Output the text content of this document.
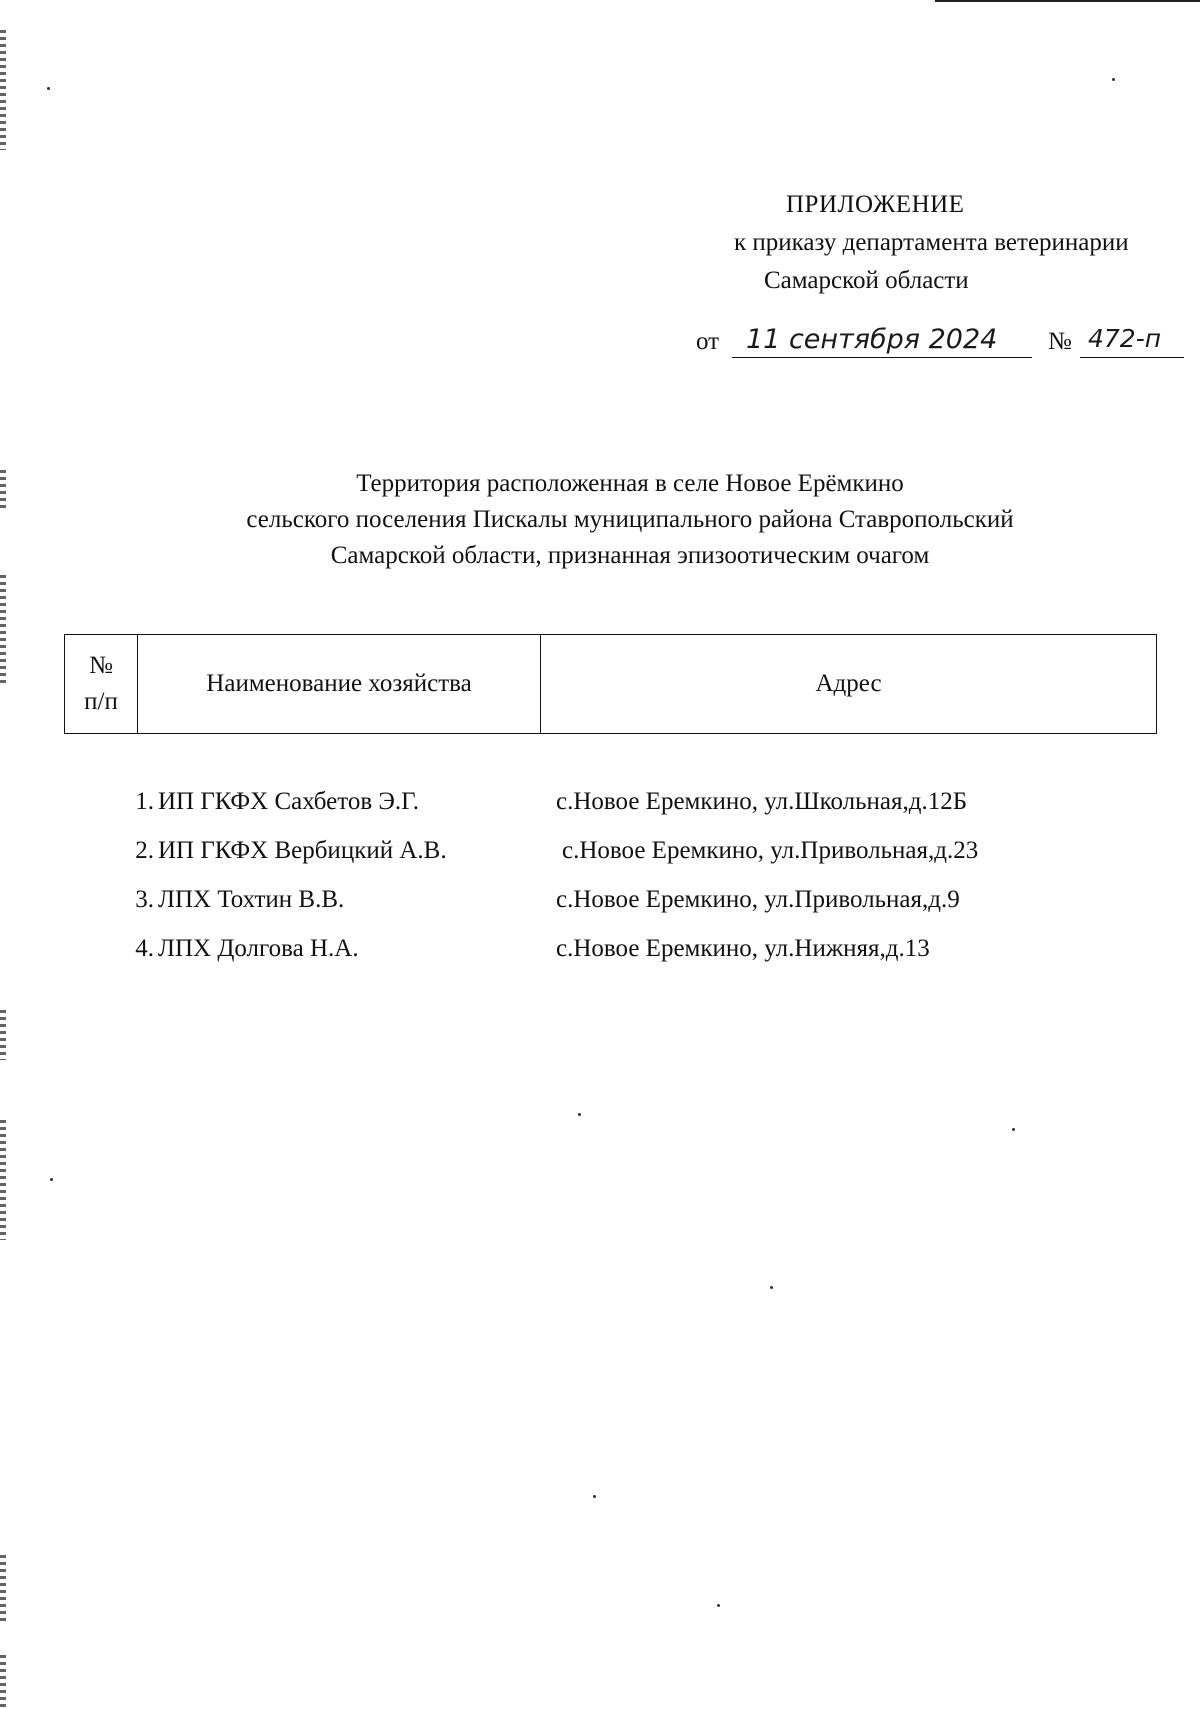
ПРИЛОЖЕНИЕ
к приказу департамента ветеринарии
Самарской области
от 11 сентября 2024	№ 472-п
Территория расположенная в селе Новое Ерёмкино
сельского поселения Пискалы муниципального района Ставропольский
Самарской области, признанная эпизоотическим очагом
№
п/п
	Наименование хозяйства	Адрес
1. ИП ГКФХ Сахбетов Э.Г.	с.Новое Еремкино, ул.Школьная,д.12Б
2. ИП ГКФХ Вербицкий А.В.	с.Новое Еремкино, ул.Привольная,д.23
3. ЛПХ Тохтин В.В.	с.Новое Еремкино, ул.Привольная,д.9
4. ЛПХ Долгова Н.А.	с.Новое Еремкино, ул.Нижняя,д.13
